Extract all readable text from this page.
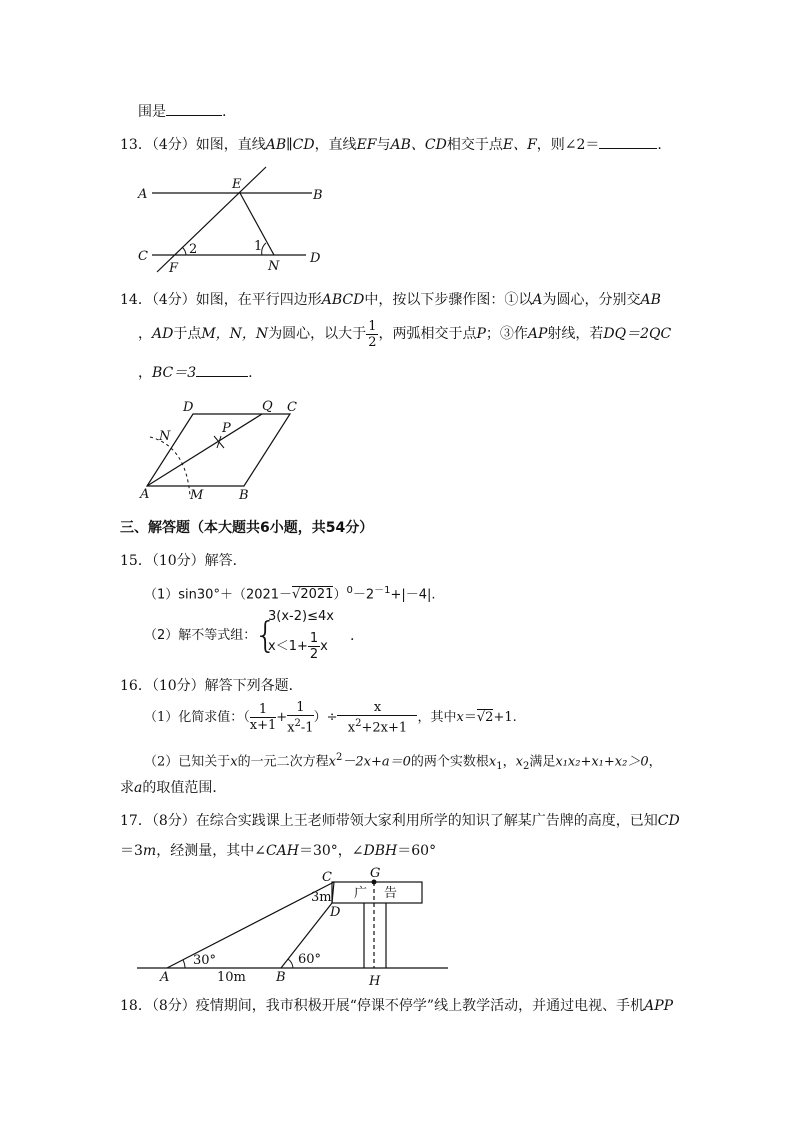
围是	.
13．（4分）如图，直线AB∥CD，直线EF与AB、CD相交于点E、F，则∠2＝	.
A	B
C	D
E
F	N
1
2
14．（4分）如图，在平行四边形ABCD中，按以下步骤作图：①以A为圆心，分别交AB
，AD于点M，N，N为圆心，以大于 $\frac{1}{2}$ ，两弧相交于点P；③作AP射线，若DQ＝2QC
，BC＝3	.
A	B
C
D
M
N
P
Q
三、解答题（本大题共6小题，共54分）
15．（10分）解答．
$(1)\sin 30^\circ+(2021-√2021)^0-2^{-1}+|-4|$.
（2）解不等式组：
{
3(x-2)≤4x
$x<1+ \frac{1}{2}$ x
.
16．（10分）解答下列各题．
（1）化简求值：（ $\frac{1}{x+1} + \frac{1}{x^2-1}$ ）÷ $\frac{x}{x^2+2x+1}$ ，其中x＝√2+1.
（2）已知关于x的一元二次方程$x^2-2x+a=0$的两个实数根$x_1$，$x_2$满足x₁x₂+x₁+x₂＞0，
求a的取值范围．
17．（8分）在综合实践课上王老师带领大家利用所学的知识了解某广告牌的高度，已知CD
＝3m，经测量，其中∠CAH＝30°，∠DBH＝60°
A	B
C
D
G
H
广 告
3m
10m
30°	60°
18．（8分）疫情期间，我市积极开展“停课不停学”线上教学活动，并通过电视、手机APP
